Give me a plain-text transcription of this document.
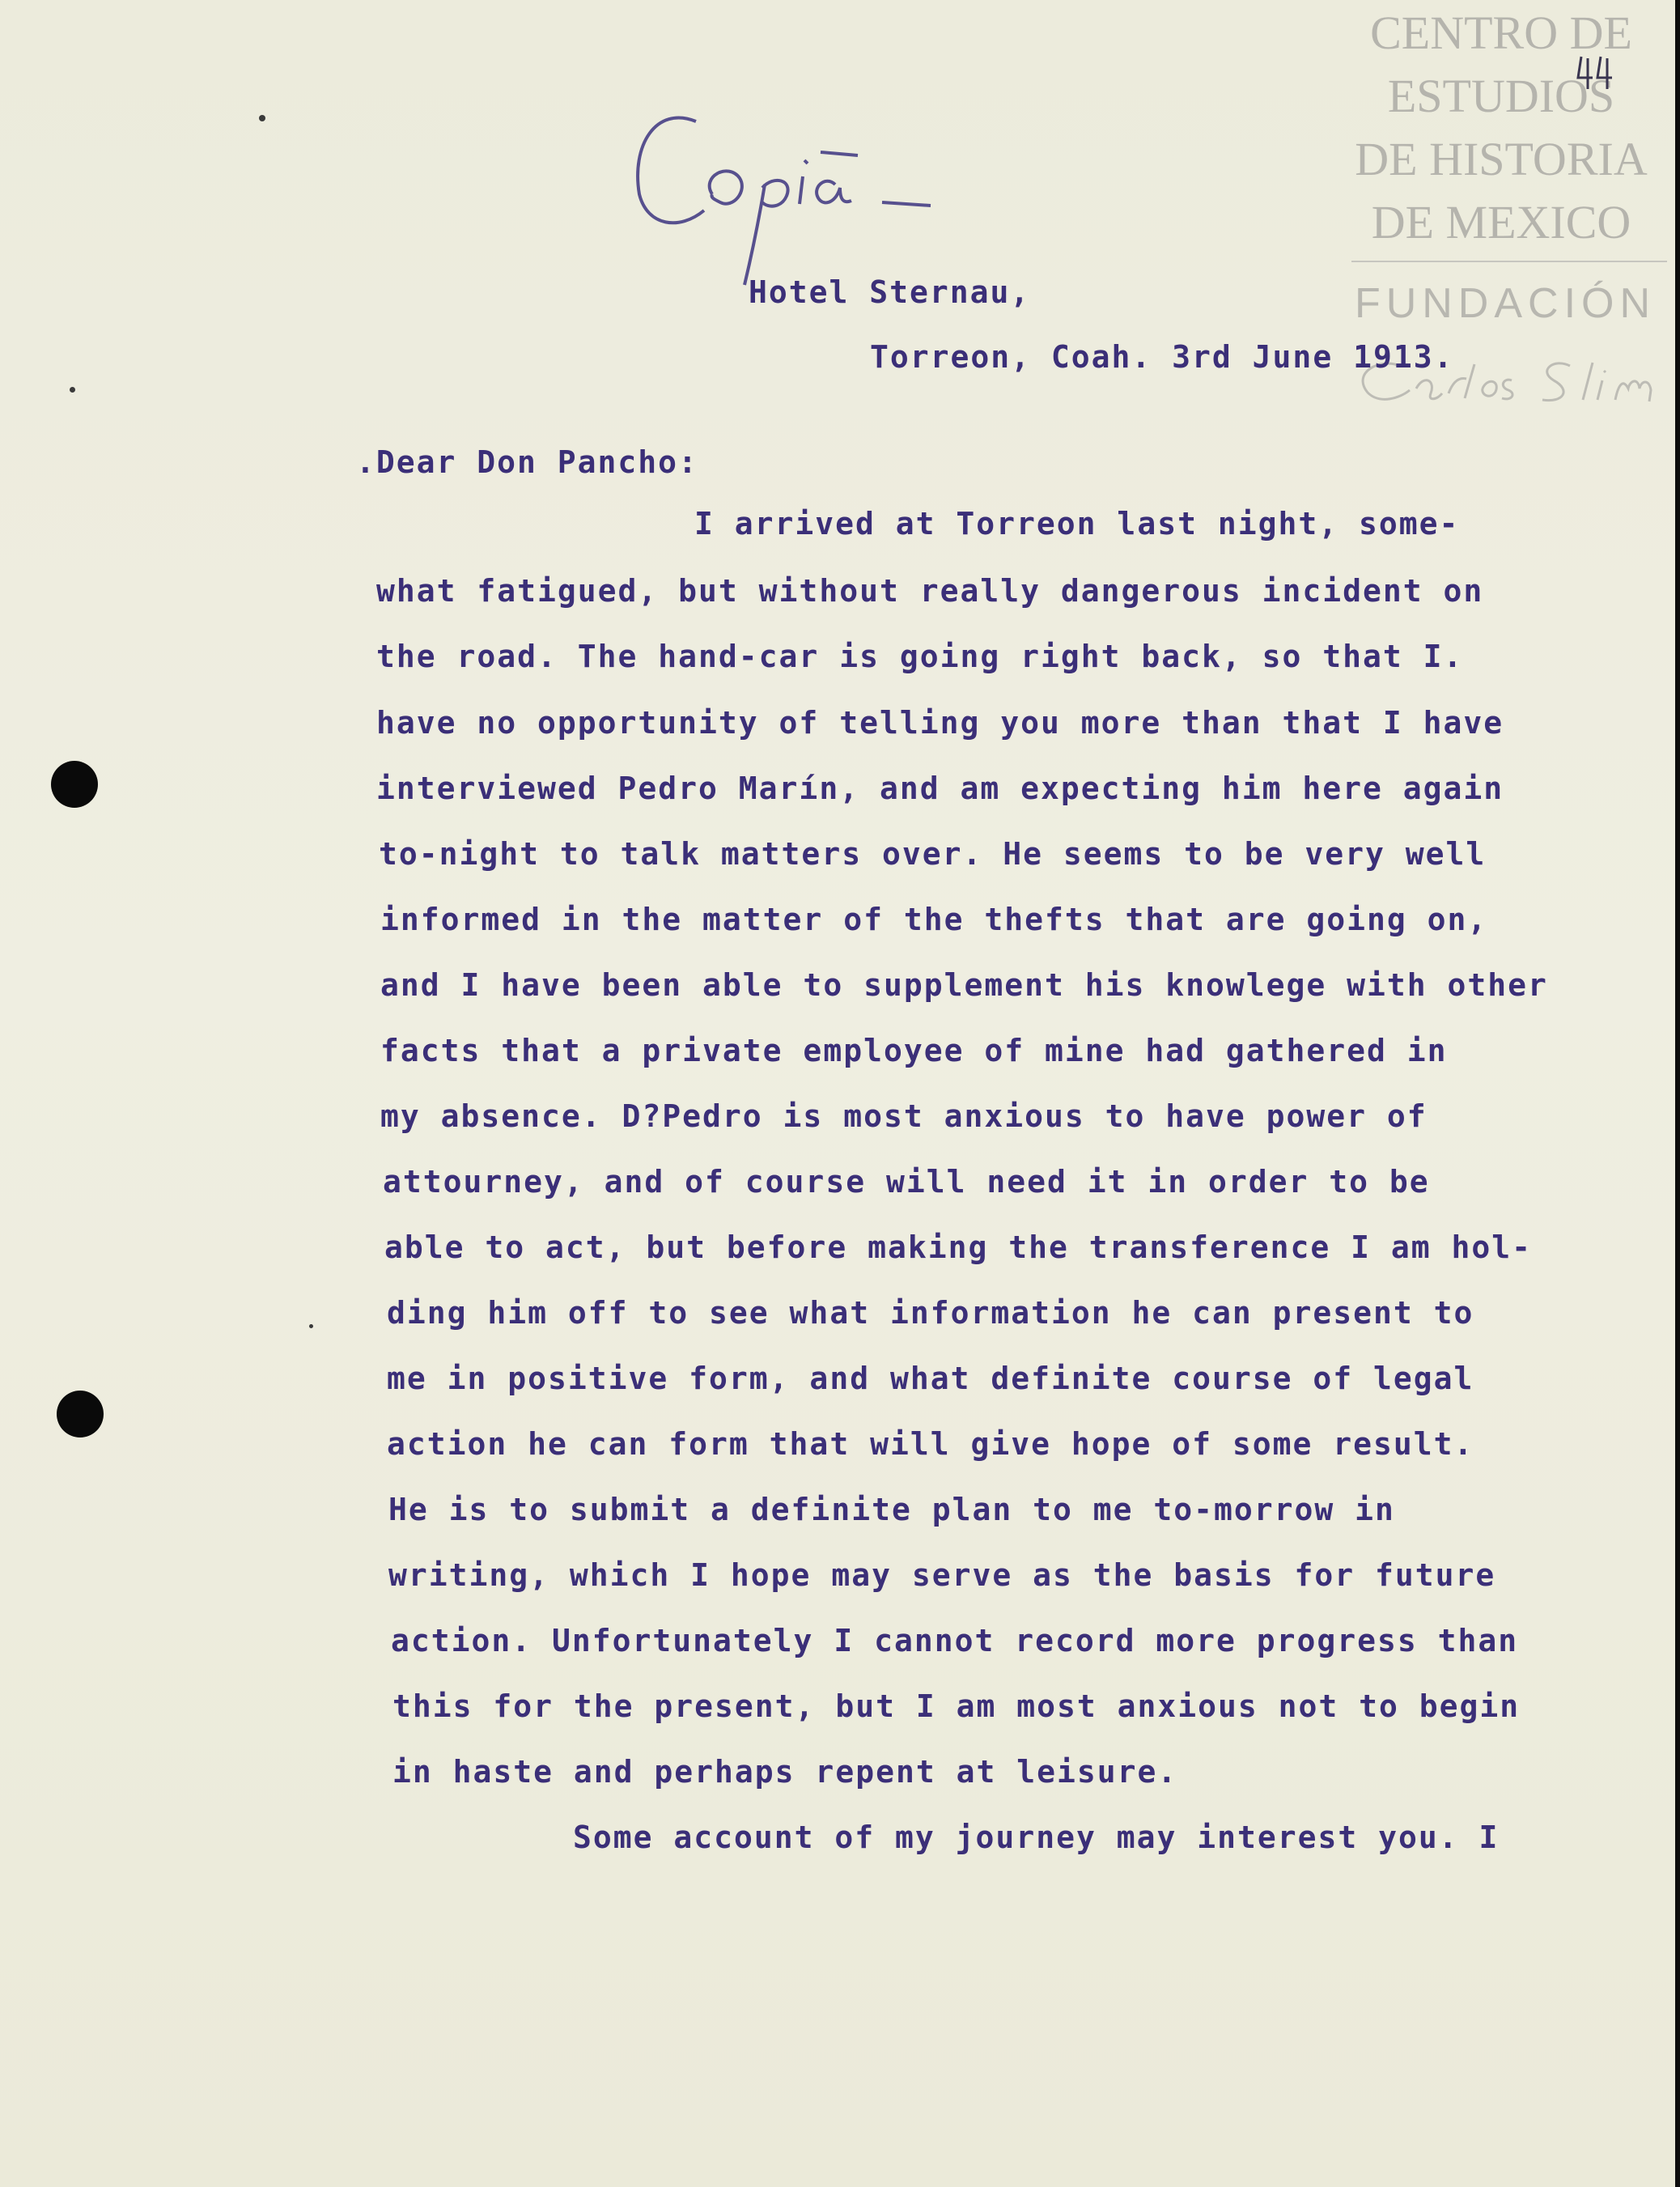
CENTRO DE
ESTUDIOS
DE HISTORIA
DE MEXICO
FUNDACIÓN
Hotel Sternau,
Torreon, Coah. 3rd June 1913.
.Dear Don Pancho:
I arrived at Torreon last night, some-
what fatigued, but without really dangerous incident on
the road. The hand-car is going right back, so that I.
have no opportunity of telling you more than that I have
interviewed Pedro Marín, and am expecting him here again
to-night to talk matters over. He seems to be very well
informed in the matter of the thefts that are going on,
and I have been able to supplement his knowlege with other
facts that a private employee of mine had gathered in
my absence. D?Pedro is most anxious to have power of
attourney, and of course will need it in order to be
able to act, but before making the transference I am hol-
ding him off to see what information he can present to
me in positive form, and what definite course of legal
action he can form that will give hope of some result.
He is to submit a definite plan to me to-morrow in
writing, which I hope may serve as the basis for future
action. Unfortunately I cannot record more progress than
this for the present, but I am most anxious not to begin
in haste and perhaps repent at leisure.
Some account of my journey may interest you. I
